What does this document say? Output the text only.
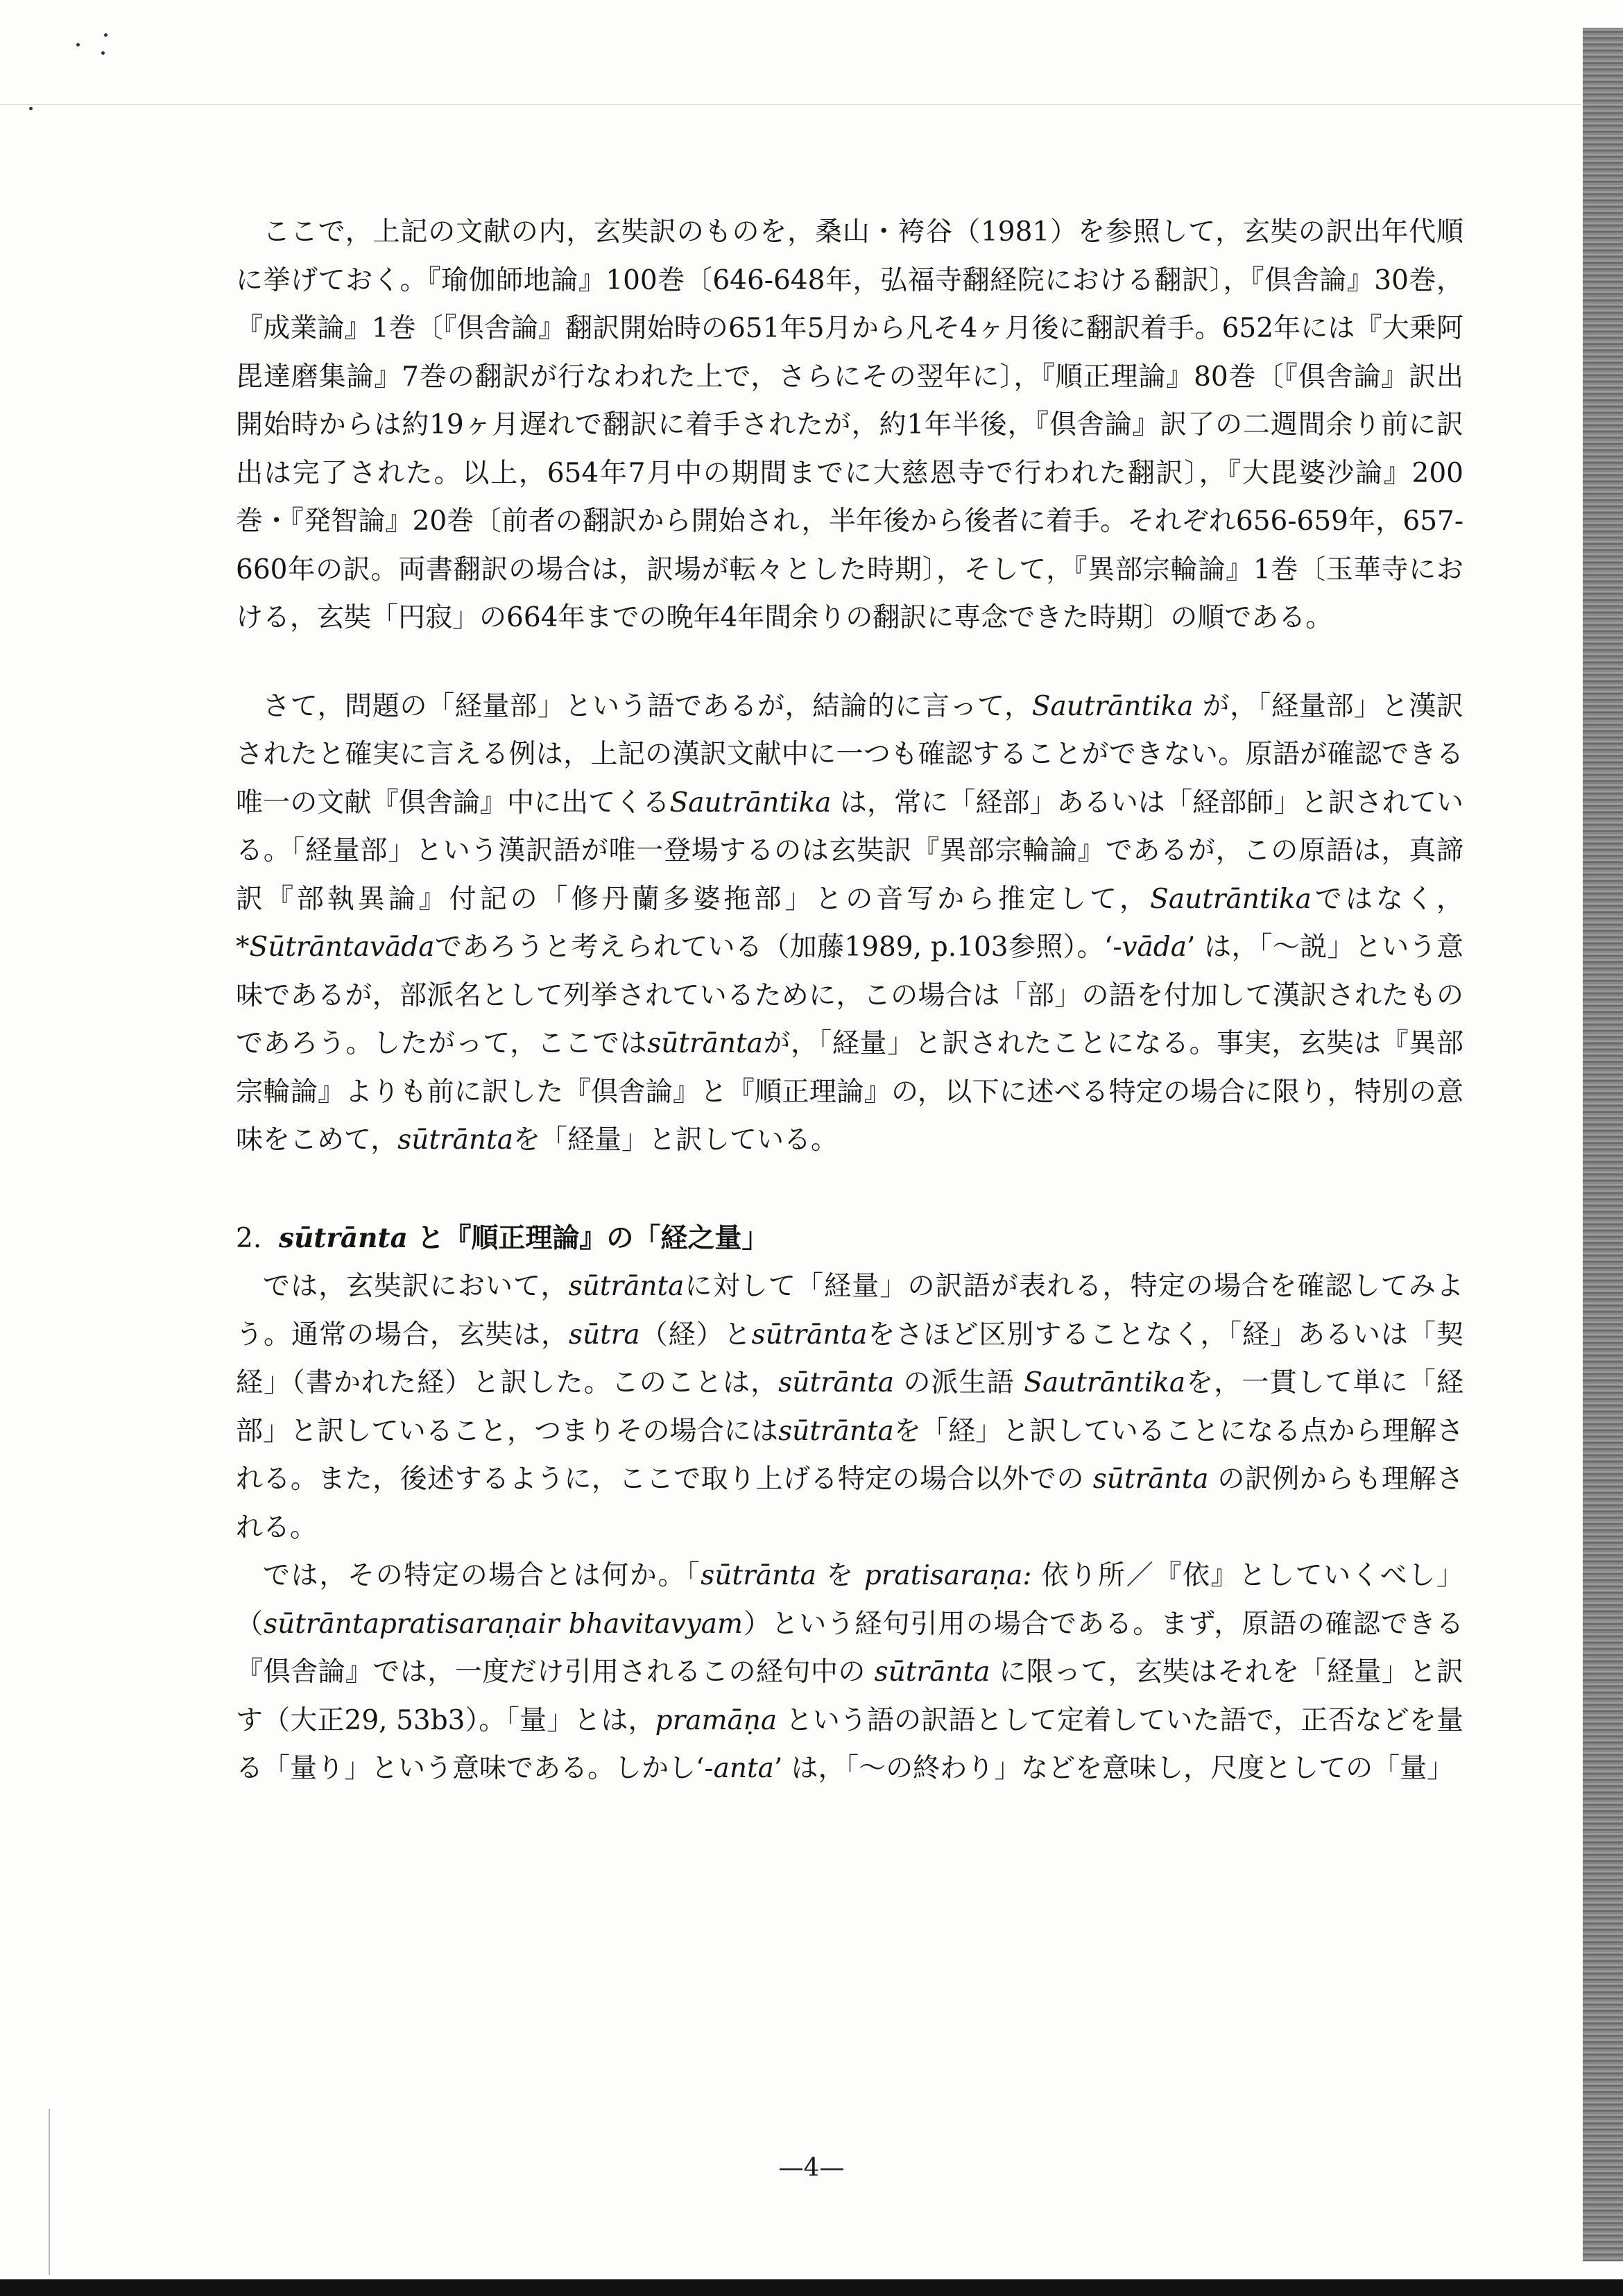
ここで，上記の文献の内，玄奘訳のものを，桑山・袴谷（1981）を参照して，玄奘の訳出年代順に挙げておく。『瑜伽師地論』100巻〔646-648年，弘福寺翻経院における翻訳〕，『倶舎論』30巻，『成業論』1巻〔『倶舎論』翻訳開始時の651年5月から凡そ4ヶ月後に翻訳着手。652年には『大乗阿毘達磨集論』7巻の翻訳が行なわれた上で，さらにその翌年に〕，『順正理論』80巻〔『倶舎論』訳出開始時からは約19ヶ月遅れで翻訳に着手されたが，約1年半後，『倶舎論』訳了の二週間余り前に訳出は完了された。以上，654年7月中の期間までに大慈恩寺で行われた翻訳〕，『大毘婆沙論』200巻・『発智論』20巻〔前者の翻訳から開始され，半年後から後者に着手。それぞれ656-659年，657-660年の訳。両書翻訳の場合は，訳場が転々とした時期〕，そして，『異部宗輪論』1巻〔玉華寺における，玄奘「円寂」の664年までの晩年4年間余りの翻訳に専念できた時期〕の順である。

さて，問題の「経量部」という語であるが，結論的に言って，Sautrāntika が，「経量部」と漢訳されたと確実に言える例は，上記の漢訳文献中に一つも確認することができない。原語が確認できる唯一の文献『倶舎論』中に出てくるSautrāntika は，常に「経部」あるいは「経部師」と訳されている。「経量部」という漢訳語が唯一登場するのは玄奘訳『異部宗輪論』であるが，この原語は，真諦訳『部執異論』付記の「修丹蘭多婆拖部」との音写から推定して，Sautrāntikaではなく，*Sūtrāntavādaであろうと考えられている（加藤1989, p.103参照）。‘-vāda’ は，「～説」という意味であるが，部派名として列挙されているために，この場合は「部」の語を付加して漢訳されたものであろう。したがって，ここではsūtrāntaが，「経量」と訳されたことになる。事実，玄奘は『異部宗輪論』よりも前に訳した『倶舎論』と『順正理論』の，以下に述べる特定の場合に限り，特別の意味をこめて，sūtrāntaを「経量」と訳している。

2. sūtrānta と『順正理論』の「経之量」

では，玄奘訳において，sūtrāntaに対して「経量」の訳語が表れる，特定の場合を確認してみよう。通常の場合，玄奘は，sūtra（経）とsūtrāntaをさほど区別することなく，「経」あるいは「契経」（書かれた経）と訳した。このことは，sūtrānta の派生語 Sautrāntikaを，一貫して単に「経部」と訳していること，つまりその場合にはsūtrāntaを「経」と訳していることになる点から理解される。また，後述するように，ここで取り上げる特定の場合以外での sūtrānta の訳例からも理解される。

では，その特定の場合とは何か。「sūtrānta を pratisaraṇa: 依り所／『依』としていくべし」（sūtrāntapratisaraṇair bhavitavyam）という経句引用の場合である。まず，原語の確認できる『倶舎論』では，一度だけ引用されるこの経句中の sūtrānta に限って，玄奘はそれを「経量」と訳す（大正29, 53b3）。「量」とは，pramāṇa という語の訳語として定着していた語で，正否などを量る「量り」という意味である。しかし‘-anta’ は，「～の終わり」などを意味し，尺度としての「量」

—4—
